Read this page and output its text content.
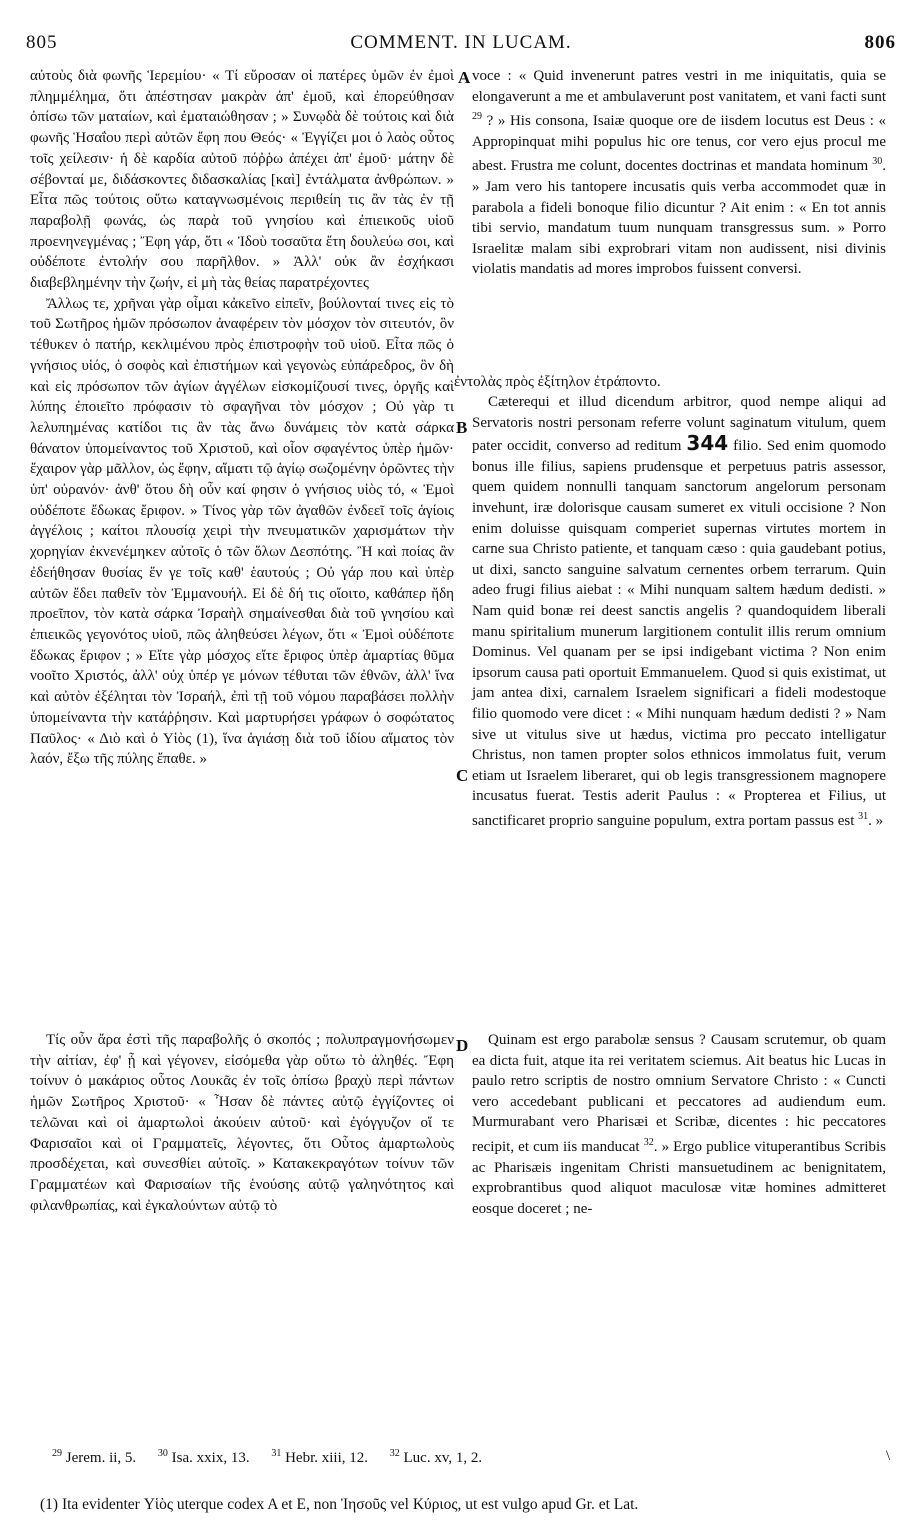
805	COMMENT. IN LUCAM.	806

αὐτοὺς διὰ φωνῆς Ἱερεμίου· « Τί εὕροσαν οἱ πατέρες ὑμῶν ἐν ἐμοὶ πλημμέλημα, ὅτι ἀπέστησαν μακρὰν ἀπ' ἐμοῦ, καὶ ἐπορεύθησαν ὀπίσω τῶν ματαίων, καὶ ἐματαιώθησαν ; » Συνῳδὰ δὲ τούτοις καὶ διὰ φωνῆς Ἡσαΐου περὶ αὐτῶν ἔφη που Θεός· « Ἐγγίζει μοι ὁ λαὸς οὗτος τοῖς χείλεσιν· ἡ δὲ καρδία αὐτοῦ πόῤῥω ἀπέχει ἀπ' ἐμοῦ· μάτην δὲ σέβονταί με, διδάσκοντες διδασκαλίας [καὶ] ἐντάλματα ἀνθρώπων. » Εἶτα πῶς τούτοις οὕτω καταγνωσμένοις περιθείη τις ἂν τὰς ἐν τῇ παραβολῇ φωνάς, ὡς παρὰ τοῦ γνησίου καὶ ἐπιεικοῦς υἱοῦ προενηνεγμένας ; Ἔφη γάρ, ὅτι « Ἰδοὺ τοσαῦτα ἔτη δουλεύω σοι, καὶ οὐδέποτε ἐντολήν σου παρῆλθον. » Ἀλλ' οὐκ ἂν ἐσχήκασι διαβεβλημένην τὴν ζωήν, εἰ μὴ τὰς θείας παρατρέχοντες

Ἄλλως τε, χρῆναι γὰρ οἶμαι κἀκεῖνο εἰπεῖν, βούλονταί τινες εἰς τὸ τοῦ Σωτῆρος ἡμῶν πρόσωπον ἀναφέρειν τὸν μόσχον τὸν σιτευτόν, ὃν τέθυκεν ὁ πατήρ, κεκλιμένου πρὸς ἐπιστροφὴν τοῦ υἱοῦ. Εἶτα πῶς ὁ γνήσιος υἱός, ὁ σοφὸς καὶ ἐπιστήμων καὶ γεγονὼς εὐπάρεδρος, ὃν δὴ καὶ εἰς πρόσωπον τῶν ἁγίων ἀγγέλων εἰσκομίζουσί τινες, ὀργῆς καὶ λύπης ἐποιεῖτο πρόφασιν τὸ σφαγῆναι τὸν μόσχον ; Οὐ γὰρ τι λελυπημένας κατίδοι τις ἂν τὰς ἄνω δυνάμεις τὸν κατὰ σάρκα θάνατον ὑπομείναντος τοῦ Χριστοῦ, καὶ οἷον σφαγέντος ὑπὲρ ἡμῶν· ἔχαιρον γὰρ μᾶλλον, ὡς ἔφην, αἵματι τῷ ἁγίῳ σωζομένην ὁρῶντες τὴν ὑπ' οὐρανόν· ἀνθ' ὅτου δὴ οὖν καί φησιν ὁ γνήσιος υἱὸς τό, « Ἐμοὶ οὐδέποτε ἔδωκας ἔριφον. » Τίνος γὰρ τῶν ἀγαθῶν ἐνδεεῖ τοῖς ἁγίοις ἀγγέλοις ; καίτοι πλουσίᾳ χειρὶ τὴν πνευματικῶν χαρισμάτων τὴν χορηγίαν ἐκνενέμηκεν αὐτοῖς ὁ τῶν ὅλων Δεσπότης. Ἢ καὶ ποίας ἂν ἐδεήθησαν θυσίας ἕν γε τοῖς καθ' ἑαυτούς ; Οὐ γάρ που καὶ ὑπὲρ αὐτῶν ἔδει παθεῖν τὸν Ἐμμανουήλ. Εἰ δὲ δή τις οἴοιτο, καθάπερ ἤδη προεῖπον, τὸν κατὰ σάρκα Ἰσραὴλ σημαίνεσθαι διὰ τοῦ γνησίου καὶ ἐπιεικῶς γεγονότος υἱοῦ, πῶς ἀληθεύσει λέγων, ὅτι « Ἐμοὶ οὐδέποτε ἔδωκας ἔριφον ; » Εἴτε γὰρ μόσχος εἴτε ἔριφος ὑπὲρ ἁμαρτίας θῦμα νοοῖτο Χριστός, ἀλλ' οὐχ ὑπέρ γε μόνων τέθυται τῶν ἐθνῶν, ἀλλ' ἵνα καὶ αὐτὸν ἐξέληται τὸν Ἰσραήλ, ἐπὶ τῇ τοῦ νόμου παραβάσει πολλὴν ὑπομείναντα τὴν κατάῤῥησιν. Καὶ μαρτυρήσει γράφων ὁ σοφώτατος Παῦλος· « Διὸ καὶ ὁ Υἱὸς (1), ἵνα ἁγιάσῃ διὰ τοῦ ἰδίου αἵματος τὸν λαόν, ἔξω τῆς πύλης ἔπαθε. »

voce : « Quid invenerunt patres vestri in me iniquitatis, quia se elongaverunt a me et ambulaverunt post vanitatem, et vani facti sunt $^{29}$ ? » His consona, Isaiæ quoque ore de iisdem locutus est Deus : « Appropinquat mihi populus hic ore tenus, cor vero ejus procul me abest. Frustra me colunt, docentes doctrinas et mandata hominum $^{30}$. » Jam vero his tantopere incusatis quis verba accommodet quæ in parabola a fideli bonoque filio dicuntur ? Ait enim : « En tot annis tibi servio, mandatum tuum nunquam transgressus sum. » Porro Israelitæ malam sibi exprobrari vitam non audissent, nisi divinis violatis mandatis ad mores improbos fuissent conversi.

ἐντολὰς πρὸς ἐξίτηλον ἐτράποντο.

Cæterequi et illud dicendum arbitror, quod nempe aliqui ad Servatoris nostri personam referre volunt saginatum vitulum, quem pater occidit, converso ad reditum 344 filio. Sed enim quomodo bonus ille filius, sapiens prudensque et perpetuus patris assessor, quem quidem nonnulli tanquam sanctorum angelorum personam invehunt, iræ dolorisque causam sumeret ex vituli occisione ? Non enim doluisse quisquam comperiet supernas virtutes mortem in carne sua Christo patiente, et tanquam cæso : quia gaudebant potius, ut dixi, sancto sanguine salvatum cernentes orbem terrarum. Quin adeo frugi filius aiebat : « Mihi nunquam saltem hædum dedisti. » Nam quid bonæ rei deest sanctis angelis ? quandoquidem liberali manu spiritalium munerum largitionem contulit illis rerum omnium Dominus. Vel quanam per se ipsi indigebant victima ? Non enim ipsorum causa pati oportuit Emmanuelem. Quod si quis existimat, ut jam antea dixi, carnalem Israelem significari a fideli modestoque filio quomodo vere dicet : « Mihi nunquam hædum dedisti ? » Nam sive ut vitulus sive ut hædus, victima pro peccato intelligatur Christus, non tamen propter solos ethnicos immolatus fuit, verum etiam ut Israelem liberaret, qui ob legis transgressionem magnopere incusatus fuerat. Testis aderit Paulus : « Propterea et Filius, ut sanctificaret proprio sanguine populum, extra portam passus est $^{31}$. »

Τίς οὖν ἄρα ἐστὶ τῆς παραβολῆς ὁ σκοπός ; πολυπραγμονήσωμεν τὴν αἰτίαν, ἐφ' ᾗ καὶ γέγονεν, εἰσόμεθα γὰρ οὕτω τὸ ἀληθές. Ἔφη τοίνυν ὁ μακάριος οὗτος Λουκᾶς ἐν τοῖς ὀπίσω βραχὺ περὶ πάντων ἡμῶν Σωτῆρος Χριστοῦ· « Ἦσαν δὲ πάντες αὐτῷ ἐγγίζοντες οἱ τελῶναι καὶ οἱ ἁμαρτωλοὶ ἀκούειν αὐτοῦ· καὶ ἐγόγγυζον οἵ τε Φαρισαῖοι καὶ οἱ Γραμματεῖς, λέγοντες, ὅτι Οὗτος ἁμαρτωλοὺς προσδέχεται, καὶ συνεσθίει αὐτοῖς. » Κατακεκραγότων τοίνυν τῶν Γραμματέων καὶ Φαρισαίων τῆς ἑνούσης αὐτῷ γαληνότητος καὶ φιλανθρωπίας, καὶ ἐγκαλούντων αὐτῷ τὸ

Quinam est ergo parabolæ sensus ? Causam scrutemur, ob quam ea dicta fuit, atque ita rei veritatem sciemus. Ait beatus hic Lucas in paulo retro scriptis de nostro omnium Servatore Christo : « Cuncti vero accedebant publicani et peccatores ad audiendum eum. Murmurabant vero Pharisæi et Scribæ, dicentes : hic peccatores recipit, et cum iis manducat $^{32}$. » Ergo publice vituperantibus Scribis ac Pharisæis ingenitam Christi mansuetudinem ac benignitatem, exprobrantibus quod aliquot maculosæ vitæ homines admitteret eosque doceret ; ne-

A
B
C
D
$^{29}$ Jerem. ii, 5. $^{30}$ Isa. xxix, 13. $^{31}$ Hebr. xiii, 12. $^{32}$ Luc. xv, 1, 2.	\
(1) Ita evidenter Υἱὸς uterque codex A et E, non Ἰησοῦς vel Κύριος, ut est vulgo apud Gr. et Lat.
